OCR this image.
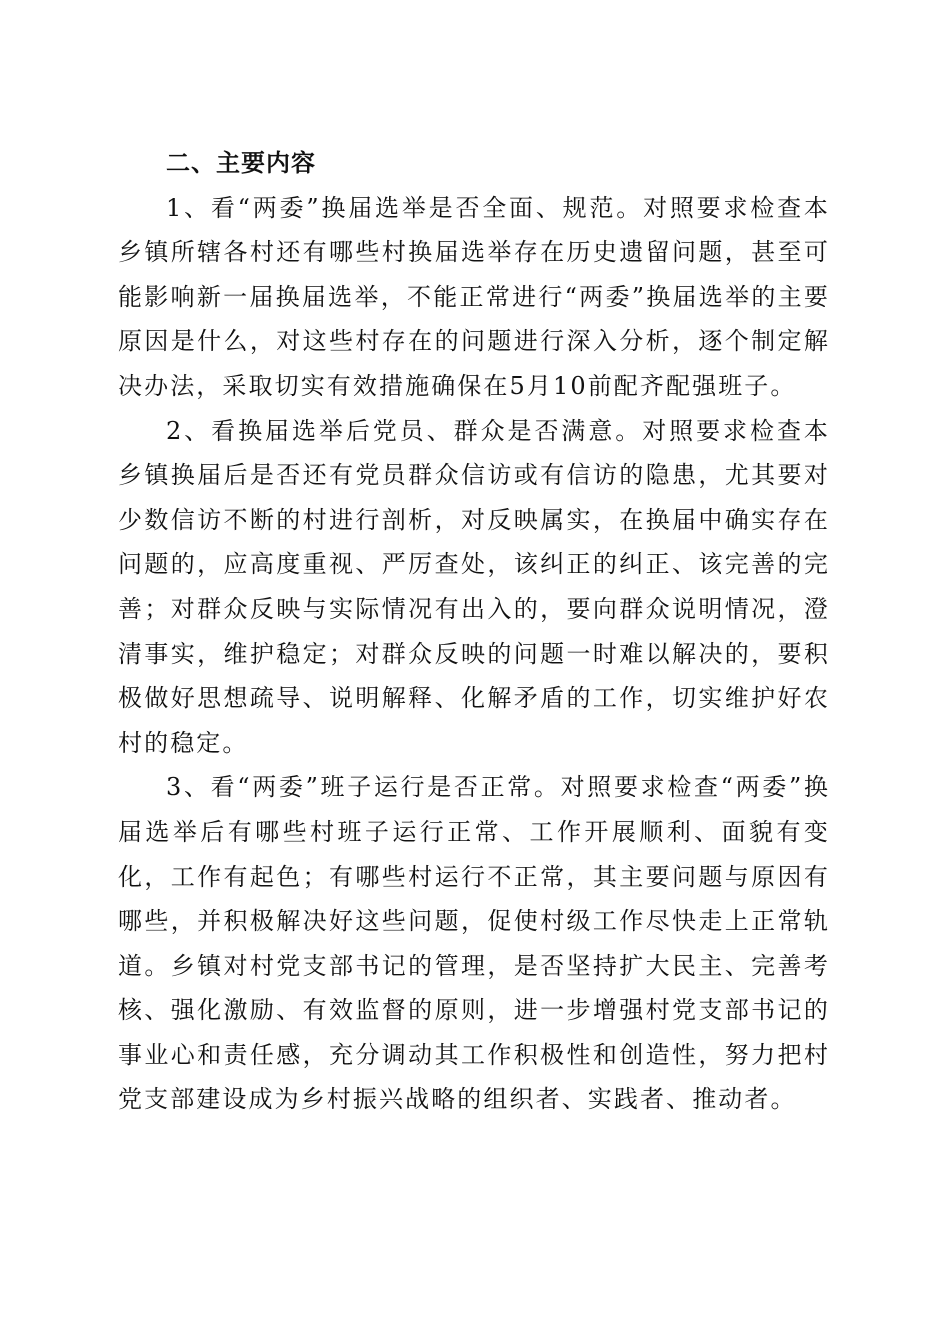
二、主要内容

1、看“两委”换届选举是否全面、规范。对照要求检查本乡镇所辖各村还有哪些村换届选举存在历史遗留问题，甚至可能影响新一届换届选举，不能正常进行“两委”换届选举的主要原因是什么，对这些村存在的问题进行深入分析，逐个制定解决办法，采取切实有效措施确保在5月10前配齐配强班子。

2、看换届选举后党员、群众是否满意。对照要求检查本乡镇换届后是否还有党员群众信访或有信访的隐患，尤其要对少数信访不断的村进行剖析，对反映属实，在换届中确实存在问题的，应高度重视、严厉查处，该纠正的纠正、该完善的完善；对群众反映与实际情况有出入的，要向群众说明情况，澄清事实，维护稳定；对群众反映的问题一时难以解决的，要积极做好思想疏导、说明解释、化解矛盾的工作，切实维护好农村的稳定。

3、看“两委”班子运行是否正常。对照要求检查“两委”换届选举后有哪些村班子运行正常、工作开展顺利、面貌有变化，工作有起色；有哪些村运行不正常，其主要问题与原因有哪些，并积极解决好这些问题，促使村级工作尽快走上正常轨道。乡镇对村党支部书记的管理，是否坚持扩大民主、完善考核、强化激励、有效监督的原则，进一步增强村党支部书记的事业心和责任感，充分调动其工作积极性和创造性，努力把村党支部建设成为乡村振兴战略的组织者、实践者、推动者。
